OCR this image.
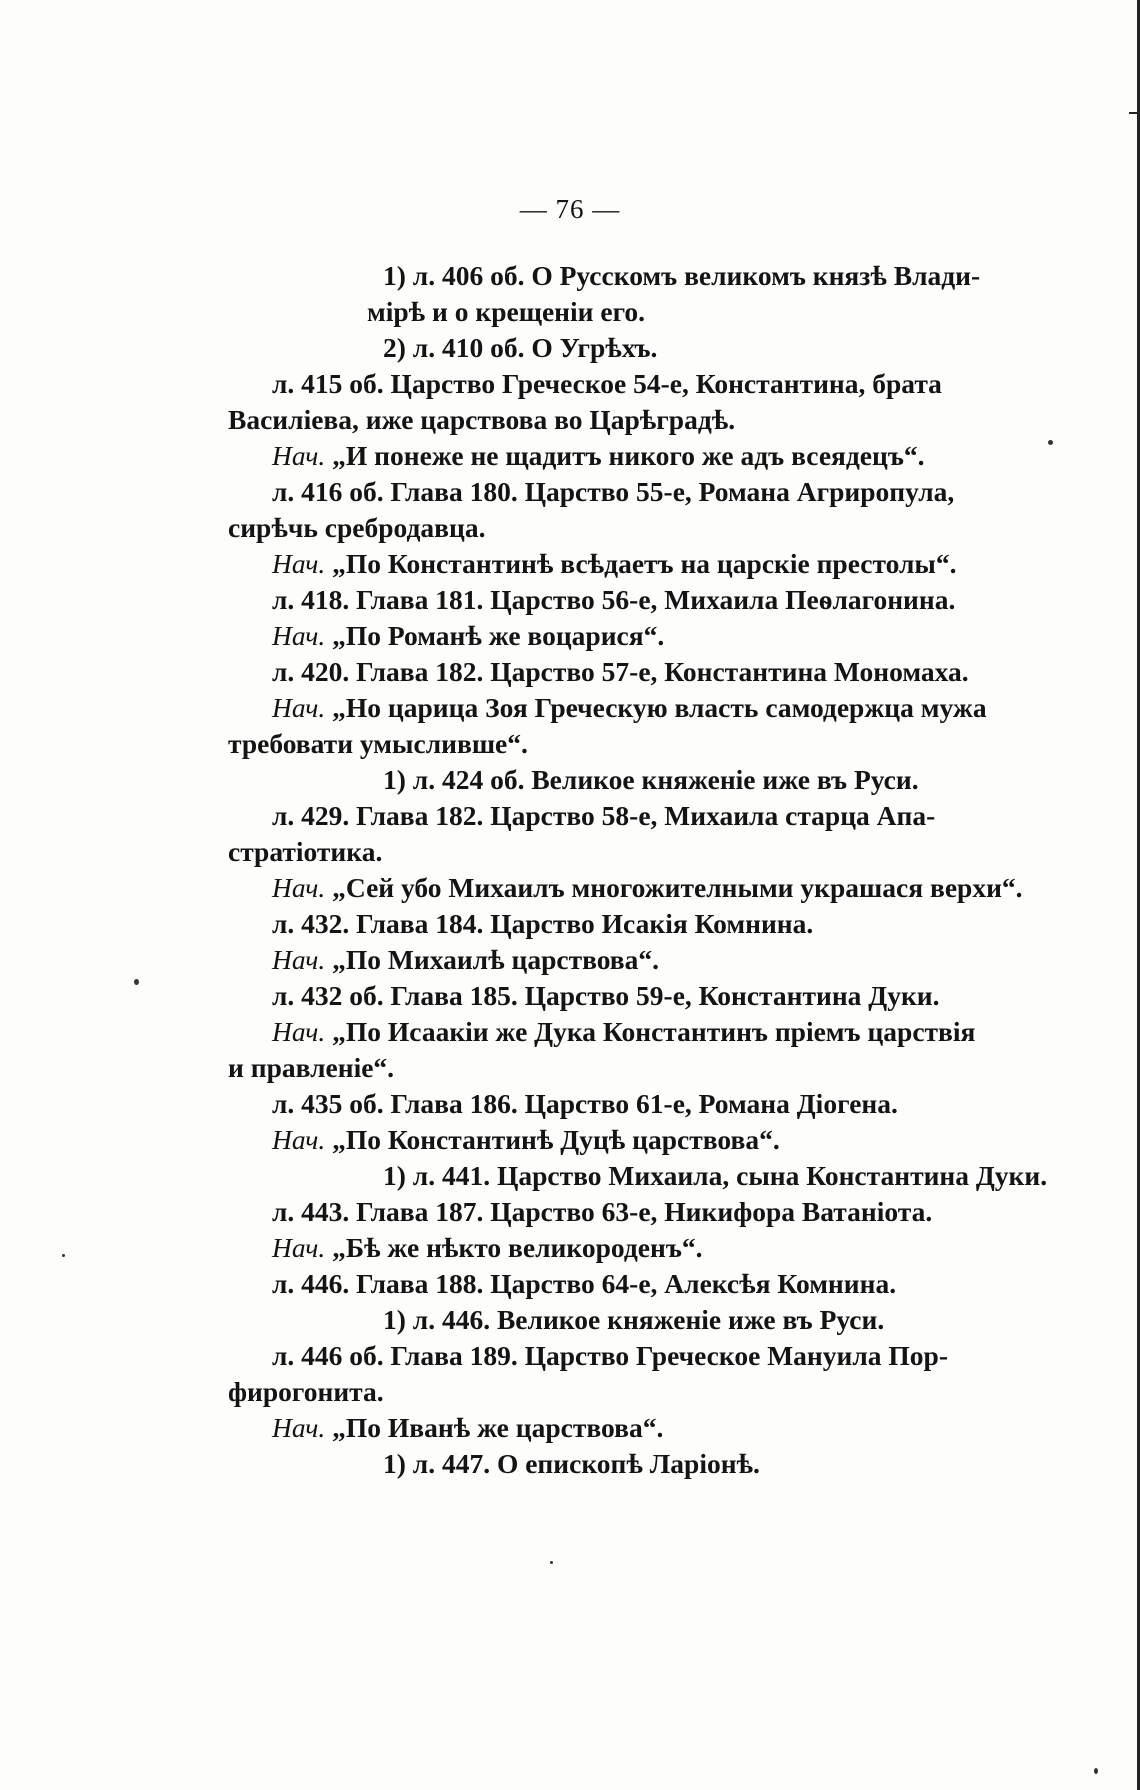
— 76 —
1) л. 406 об. О Русскомъ великомъ князѣ Влади-
мірѣ и о крещеніи его.
2) л. 410 об. О Угрѣхъ.
л. 415 об. Царство Греческое 54-е, Константина, брата
Василіева, иже царствова во Царѣградѣ.
Нач. „И понеже не щадитъ никого же адъ всеядецъ“.
л. 416 об. Глава 180. Царство 55-е, Романа Агриропула,
сирѣчь сребродавца.
Нач. „По Константинѣ всѣдаетъ на царскіе престолы“.
л. 418. Глава 181. Царство 56-е, Михаила Пеѳлагонина.
Нач. „По Романѣ же воцарися“.
л. 420. Глава 182. Царство 57-е, Константина Мономаха.
Нач. „Но царица Зоя Греческую власть самодержца мужа
требовати умысливше“.
1) л. 424 об. Великое княженіе иже въ Руси.
л. 429. Глава 182. Царство 58-е, Михаила старца Апа-
стратіотика.
Нач. „Сей убо Михаилъ многожителными украшася верхи“.
л. 432. Глава 184. Царство Исакія Комнина.
Нач. „По Михаилѣ царствова“.
л. 432 об. Глава 185. Царство 59-е, Константина Дуки.
Нач. „По Исаакіи же Дука Константинъ пріемъ царствія
и правленіе“.
л. 435 об. Глава 186. Царство 61-е, Романа Діогена.
Нач. „По Константинѣ Дуцѣ царствова“.
1) л. 441. Царство Михаила, сына Константина Дуки.
л. 443. Глава 187. Царство 63-е, Никифора Ватаніота.
Нач. „Бѣ же нѣкто великороденъ“.
л. 446. Глава 188. Царство 64-е, Алексѣя Комнина.
1) л. 446. Великое княженіе иже въ Руси.
л. 446 об. Глава 189. Царство Греческое Мануила Пор-
фирогонита.
Нач. „По Иванѣ же царствова“.
1) л. 447. О епископѣ Ларіонѣ.
